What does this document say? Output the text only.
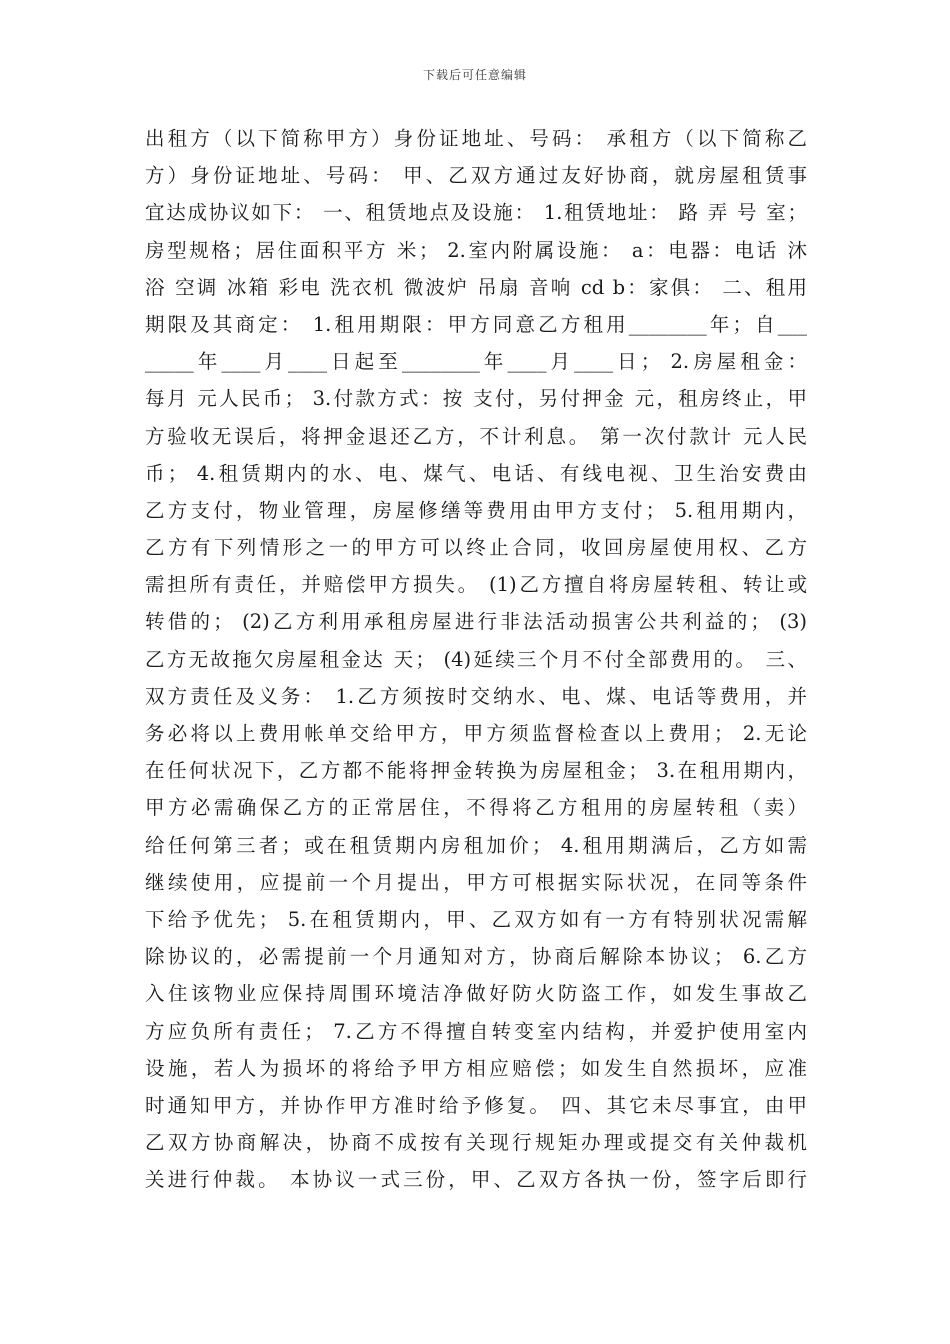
下载后可任意编辑
出租方（以下简称甲方）身份证地址、号码： 承租方（以下简称乙
方）身份证地址、号码： 甲、乙双方通过友好协商，就房屋租赁事
宜达成协议如下： 一、租赁地点及设施： 1.租赁地址： 路 弄 号 室；
房型规格；居住面积平方 米； 2.室内附属设施： a：电器：电话 沐
浴 空调 冰箱 彩电 洗衣机 微波炉 吊扇 音响 cd b：家俱： 二、租用
期限及其商定： 1.租用期限：甲方同意乙方租用________年；自___
_____年____月____日起至________年____月____日； 2.房屋租金：
每月 元人民币； 3.付款方式：按 支付，另付押金 元，租房终止，甲
方验收无误后，将押金退还乙方，不计利息。 第一次付款计 元人民
币； 4.租赁期内的水、电、煤气、电话、有线电视、卫生治安费由
乙方支付，物业管理，房屋修缮等费用由甲方支付； 5.租用期内，
乙方有下列情形之一的甲方可以终止合同，收回房屋使用权、乙方
需担所有责任，并赔偿甲方损失。 (1)乙方擅自将房屋转租、转让或
转借的； (2)乙方利用承租房屋进行非法活动损害公共利益的； (3)
乙方无故拖欠房屋租金达 天； (4)延续三个月不付全部费用的。 三、
双方责任及义务： 1.乙方须按时交纳水、电、煤、电话等费用，并
务必将以上费用帐单交给甲方，甲方须监督检查以上费用； 2.无论
在任何状况下，乙方都不能将押金转换为房屋租金； 3.在租用期内，
甲方必需确保乙方的正常居住，不得将乙方租用的房屋转租（卖）
给任何第三者；或在租赁期内房租加价； 4.租用期满后，乙方如需
继续使用，应提前一个月提出，甲方可根据实际状况，在同等条件
下给予优先； 5.在租赁期内，甲、乙双方如有一方有特别状况需解
除协议的，必需提前一个月通知对方，协商后解除本协议； 6.乙方
入住该物业应保持周围环境洁净做好防火防盗工作，如发生事故乙
方应负所有责任； 7.乙方不得擅自转变室内结构，并爱护使用室内
设施，若人为损坏的将给予甲方相应赔偿；如发生自然损坏，应准
时通知甲方，并协作甲方准时给予修复。 四、其它未尽事宜，由甲
乙双方协商解决，协商不成按有关现行规矩办理或提交有关仲裁机
关进行仲裁。 本协议一式三份，甲、乙双方各执一份，签字后即行
